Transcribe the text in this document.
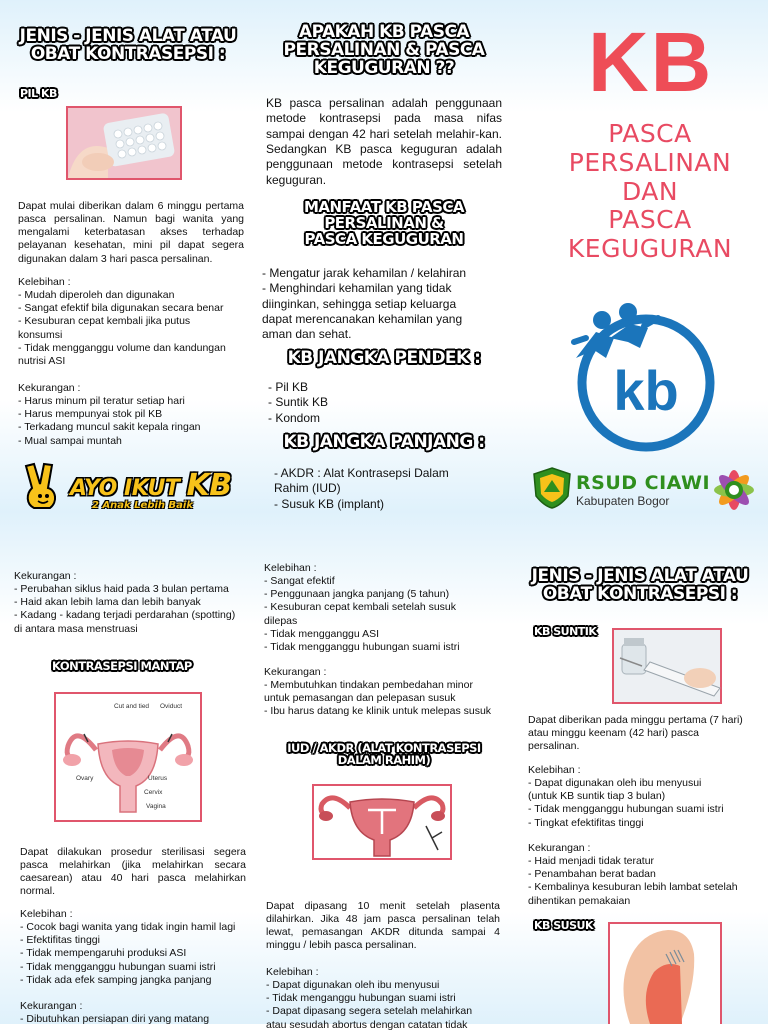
JENIS - JENIS ALAT ATAU
OBAT KONTRASEPSI :
PIL KB
Dapat mulai diberikan dalam 6 minggu pertama pasca persalinan. Namun bagi wanita yang mengalami keterbatasan akses terhadap pelayanan kesehatan, mini pil dapat segera digunakan dalam 3 hari pasca persalinan.
Kelebihan :
- Mudah diperoleh dan digunakan
- Sangat efektif bila digunakan secara benar
- Kesuburan cepat kembali jika putus
konsumsi
- Tidak mengganggu volume dan kandungan
nutrisi ASI
Kekurangan :
- Harus minum pil teratur setiap hari
- Harus mempunyai stok pil KB
- Terkadang muncul sakit kepala ringan
- Mual sampai muntah
AYO IKUT KB
2 Anak Lebih Baik
APAKAH KB PASCA
PERSALINAN & PASCA
KEGUGURAN ??
KB pasca persalinan adalah penggunaan metode kontrasepsi pada masa nifas sampai dengan 42 hari setelah melahir-kan. Sedangkan KB pasca keguguran adalah penggunaan metode kontrasepsi setelah keguguran.
MANFAAT KB PASCA
PERSALINAN &
PASCA KEGUGURAN
- Mengatur jarak kehamilan / kelahiran
- Menghindari kehamilan yang tidak
diinginkan, sehingga setiap keluarga
dapat merencanakan kehamilan yang
aman dan sehat.
KB JANGKA PENDEK :
- Pil KB
- Suntik KB
- Kondom
KB JANGKA PANJANG :
- AKDR : Alat Kontrasepsi Dalam
Rahim (IUD)
- Susuk KB (implant)

KB
PASCA
PERSALINAN
DAN
PASCA
KEGUGURAN
kb
RSUD CIAWI
Kabupaten Bogor
Kekurangan :
- Perubahan siklus haid pada 3 bulan pertama
- Haid akan lebih lama dan lebih banyak
- Kadang - kadang terjadi perdarahan (spotting)
di antara masa menstruasi
KONTRASEPSI MANTAP
Cut and tied Oviduct
Ovary	Uterus
Cervix
Vagina
Dapat dilakukan prosedur sterilisasi segera pasca melahirkan (jika melahirkan secara caesarean) atau 40 hari pasca melahirkan normal.
Kelebihan :
- Cocok bagi wanita yang tidak ingin hamil lagi
- Efektifitas tinggi
- Tidak mempengaruhi produksi ASI
- Tidak mengganggu hubungan suami istri
- Tidak ada efek samping jangka panjang
Kekurangan :
- Dibutuhkan persiapan diri yang matang
Kelebihan :
- Sangat efektif
- Penggunaan jangka panjang (5 tahun)
- Kesuburan cepat kembali setelah susuk
dilepas
- Tidak mengganggu ASI
- Tidak mengganggu hubungan suami istri
Kekurangan :
- Membutuhkan tindakan pembedahan minor
untuk pemasangan dan pelepasan susuk
- Ibu harus datang ke klinik untuk melepas susuk
IUD / AKDR (ALAT KONTRASEPSI
DALAM RAHIM)
Dapat dipasang 10 menit setelah plasenta dilahirkan. Jika 48 jam pasca persalinan telah lewat, pemasangan AKDR ditunda sampai 4 minggu / lebih pasca persalinan.
Kelebihan :
- Dapat digunakan oleh ibu menyusui
- Tidak menganggu hubungan suami istri
- Dapat dipasang segera setelah melahirkan
atau sesudah abortus dengan catatan tidak
JENIS - JENIS ALAT ATAU
OBAT KONTRASEPSI :
KB SUNTIK
Dapat diberikan pada minggu pertama (7 hari)
atau minggu keenam (42 hari) pasca
persalinan.
Kelebihan :
- Dapat digunakan oleh ibu menyusui
(untuk KB suntik tiap 3 bulan)
- Tidak mengganggu hubungan suami istri
- Tingkat efektifitas tinggi
Kekurangan :
- Haid menjadi tidak teratur
- Penambahan berat badan
- Kembalinya kesuburan lebih lambat setelah
dihentikan pemakaian
KB SUSUK
